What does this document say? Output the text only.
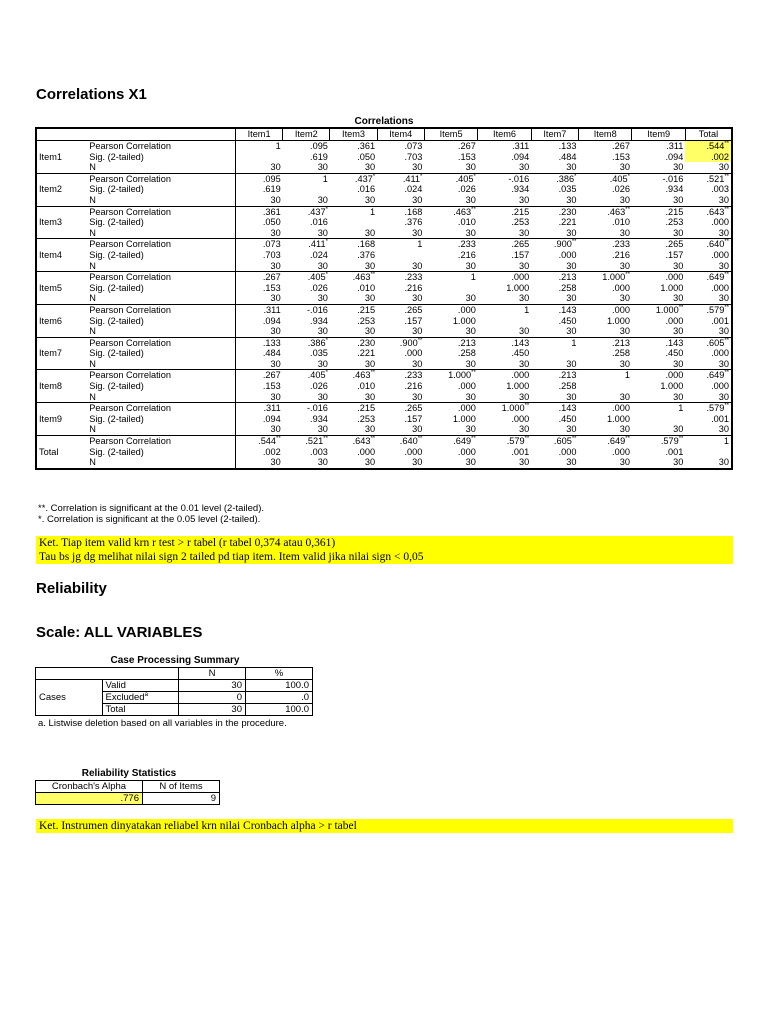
Correlations X1
Correlations
		Item1	Item2	Item3	Item4	Item5	Item6	Item7	Item8	Item9	Total
Item1	Pearson Correlation	1	.095	.361	.073	.267	.311	.133	.267	.311	.544**
	Sig. (2-tailed)		.619	.050	.703	.153	.094	.484	.153	.094	.002
	N	30	30	30	30	30	30	30	30	30	30
Item2	Pearson Correlation	.095	1	.437*	.411*	.405*	-.016	.386*	.405*	-.016	.521**
	Sig. (2-tailed)	.619		.016	.024	.026	.934	.035	.026	.934	.003
	N	30	30	30	30	30	30	30	30	30	30
Item3	Pearson Correlation	.361	.437*	1	.168	.463**	.215	.230	.463**	.215	.643**
	Sig. (2-tailed)	.050	.016		.376	.010	.253	.221	.010	.253	.000
	N	30	30	30	30	30	30	30	30	30	30
Item4	Pearson Correlation	.073	.411*	.168	1	.233	.265	.900**	.233	.265	.640**
	Sig. (2-tailed)	.703	.024	.376		.216	.157	.000	.216	.157	.000
	N	30	30	30	30	30	30	30	30	30	30
Item5	Pearson Correlation	.267	.405*	.463**	.233	1	.000	.213	1.000**	.000	.649**
	Sig. (2-tailed)	.153	.026	.010	.216		1.000	.258	.000	1.000	.000
	N	30	30	30	30	30	30	30	30	30	30
Item6	Pearson Correlation	.311	-.016	.215	.265	.000	1	.143	.000	1.000**	.579**
	Sig. (2-tailed)	.094	.934	.253	.157	1.000		.450	1.000	.000	.001
	N	30	30	30	30	30	30	30	30	30	30
Item7	Pearson Correlation	.133	.386*	.230	.900**	.213	.143	1	.213	.143	.605**
	Sig. (2-tailed)	.484	.035	.221	.000	.258	.450		.258	.450	.000
	N	30	30	30	30	30	30	30	30	30	30
Item8	Pearson Correlation	.267	.405*	.463**	.233	1.000**	.000	.213	1	.000	.649**
	Sig. (2-tailed)	.153	.026	.010	.216	.000	1.000	.258		1.000	.000
	N	30	30	30	30	30	30	30	30	30	30
Item9	Pearson Correlation	.311	-.016	.215	.265	.000	1.000**	.143	.000	1	.579**
	Sig. (2-tailed)	.094	.934	.253	.157	1.000	.000	.450	1.000		.001
	N	30	30	30	30	30	30	30	30	30	30
Total	Pearson Correlation	.544**	.521**	.643**	.640**	.649**	.579**	.605**	.649**	.579**	1
	Sig. (2-tailed)	.002	.003	.000	.000	.000	.001	.000	.000	.001	
	N	30	30	30	30	30	30	30	30	30	30
**. Correlation is significant at the 0.01 level (2-tailed).
*. Correlation is significant at the 0.05 level (2-tailed).
Ket. Tiap item valid krn r test > r tabel (r tabel 0,374 atau 0,361)
Tau bs jg dg melihat nilai sign 2 tailed pd tiap item. Item valid jika nilai sign < 0,05
Reliability
Scale: ALL VARIABLES
Case Processing Summary
		N	%
Cases	Valid	30	100.0
	Excluded$^a$	0	.0
	Total	30	100.0
a. Listwise deletion based on all variables in the procedure.
Reliability Statistics
Cronbach's Alpha	N of Items
.776	9
Ket. Instrumen dinyatakan reliabel krn nilai Cronbach alpha > r tabel
